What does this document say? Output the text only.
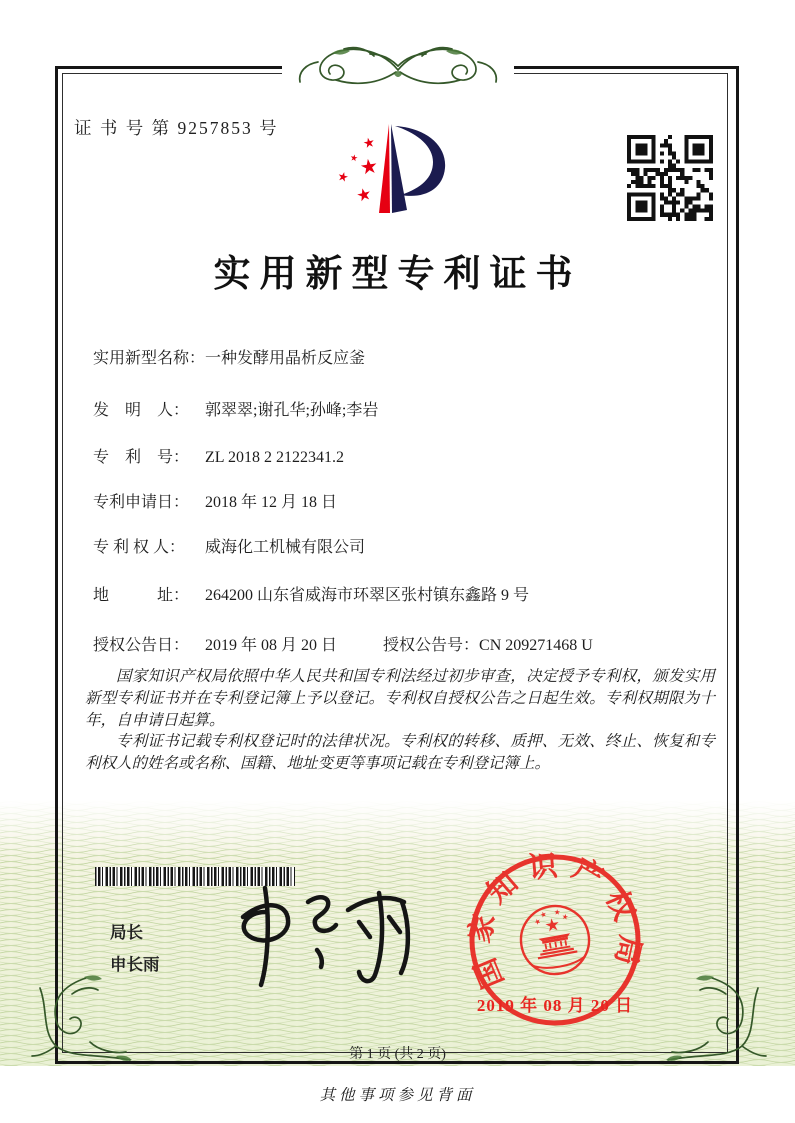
证 书 号 第 9257853 号
实用新型专利证书
实用新型名称：一种发酵用晶析反应釜
发　明　人： 郭翠翠;谢孔华;孙峰;李岩
专　利　号： ZL 2018 2 2122341.2
专利申请日： 2018 年 12 月 18 日
专 利 权 人： 威海化工机械有限公司
地　　　址： 264200 山东省威海市环翠区张村镇东鑫路 9 号
授权公告日： 2019 年 08 月 20 日	授权公告号：CN 209271468 U

国家知识产权局依照中华人民共和国专利法经过初步审查，决定授予专利权，颁发实用新型专利证书并在专利登记簿上予以登记。专利权自授权公告之日起生效。专利权期限为十年，自申请日起算。

专利证书记载专利权登记时的法律状况。专利权的转移、质押、无效、终止、恢复和专利权人的姓名或名称、国籍、地址变更等事项记载在专利登记簿上。

局长
申长雨	国家知识产权局
2019 年 08 月 20 日
第 1 页 (共 2 页)
其他事项参见背面
